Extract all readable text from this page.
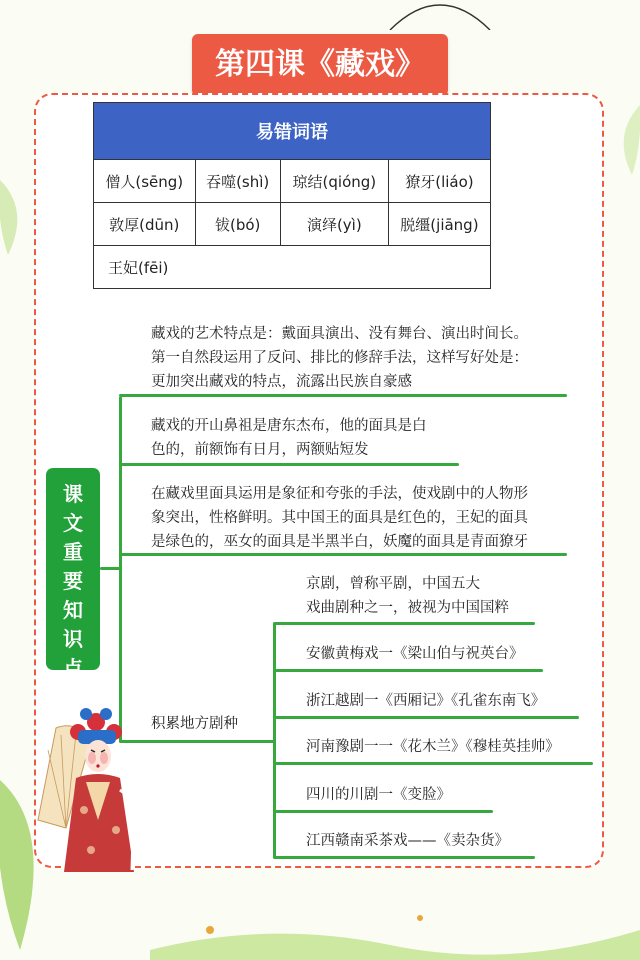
第四课《藏戏》
易错词语			
僧人(sēng)	吞噬(shì)	琼结(qióng)	獠牙(liáo)
敦厚(dūn)	钹(bó)	演绎(yì)	脱缰(jiāng)
王妃(fēi)			
课
文
重
要
知
识
点
藏戏的艺术特点是：戴面具演出、没有舞台、演出时间长。
第一自然段运用了反问、排比的修辞手法，这样写好处是：
更加突出藏戏的特点，流露出民族自豪感
藏戏的开山鼻祖是唐东杰布，他的面具是白
色的，前额饰有日月，两额贴短发
在藏戏里面具运用是象征和夸张的手法，使戏剧中的人物形
象突出，性格鲜明。其中国王的面具是红色的，王妃的面具
是绿色的，巫女的面具是半黑半白，妖魔的面具是青面獠牙
积累地方剧种
京剧，曾称平剧，中国五大
戏曲剧种之一，被视为中国国粹
安徽黄梅戏一《梁山伯与祝英台》
浙江越剧一《西厢记》《孔雀东南飞》
河南豫剧一一《花木兰》《穆桂英挂帅》
四川的川剧一《变脸》
江西赣南采茶戏——《卖杂货》
